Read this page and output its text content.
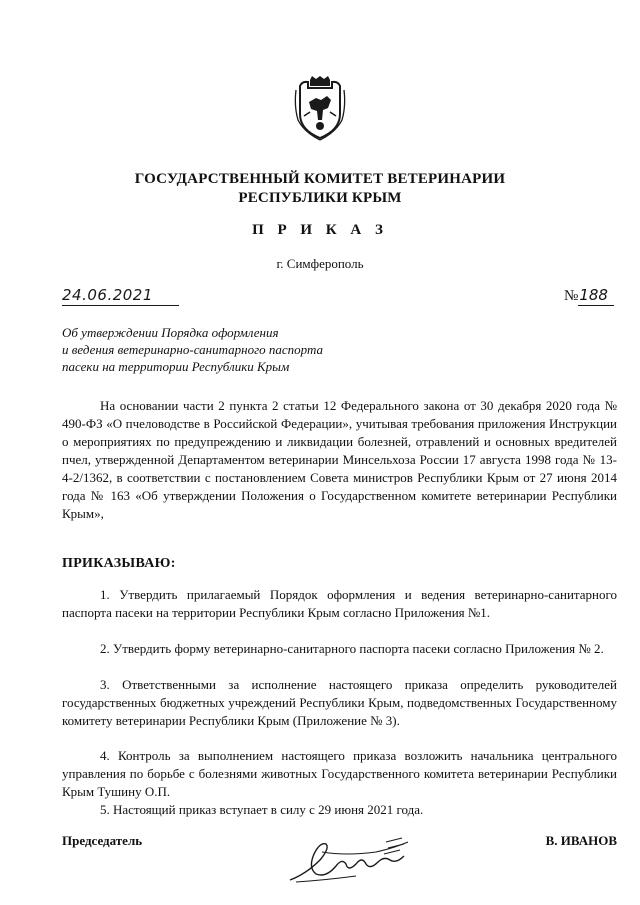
ГОСУДАРСТВЕННЫЙ КОМИТЕТ ВЕТЕРИНАРИИ
РЕСПУБЛИКИ КРЫМ
П Р И К А З
г. Симферополь
24.06.2021	№188
Об утверждении Порядка оформления
и ведения ветеринарно-санитарного паспорта
пасеки на территории Республики Крым
На основании части 2 пункта 2 статьи 12 Федерального закона от 30 декабря 2020 года № 490-ФЗ «О пчеловодстве в Российской Федерации», учитывая требования приложения Инструкции о мероприятиях по предупреждению и ликвидации болезней, отравлений и основных вредителей пчел, утвержденной Департаментом ветеринарии Минсельхоза России 17 августа 1998 года № 13-4-2/1362, в соответствии с постановлением Совета министров Республики Крым от 27 июня 2014 года № 163 «Об утверждении Положения о Государственном комитете ветеринарии Республики Крым»,
ПРИКАЗЫВАЮ:
1. Утвердить прилагаемый Порядок оформления и ведения ветеринарно-санитарного паспорта пасеки на территории Республики Крым согласно Приложения №1.
2. Утвердить форму ветеринарно-санитарного паспорта пасеки согласно Приложения № 2.
3. Ответственными за исполнение настоящего приказа определить руководителей государственных бюджетных учреждений Республики Крым, подведомственных Государственному комитету ветеринарии Республики Крым (Приложение № 3).
4. Контроль за выполнением настоящего приказа возложить начальника центрального управления по борьбе с болезнями животных Государственного комитета ветеринарии Республики Крым Тушину О.П.
5. Настоящий приказ вступает в силу с 29 июня 2021 года.
Председатель	В. ИВАНОВ
